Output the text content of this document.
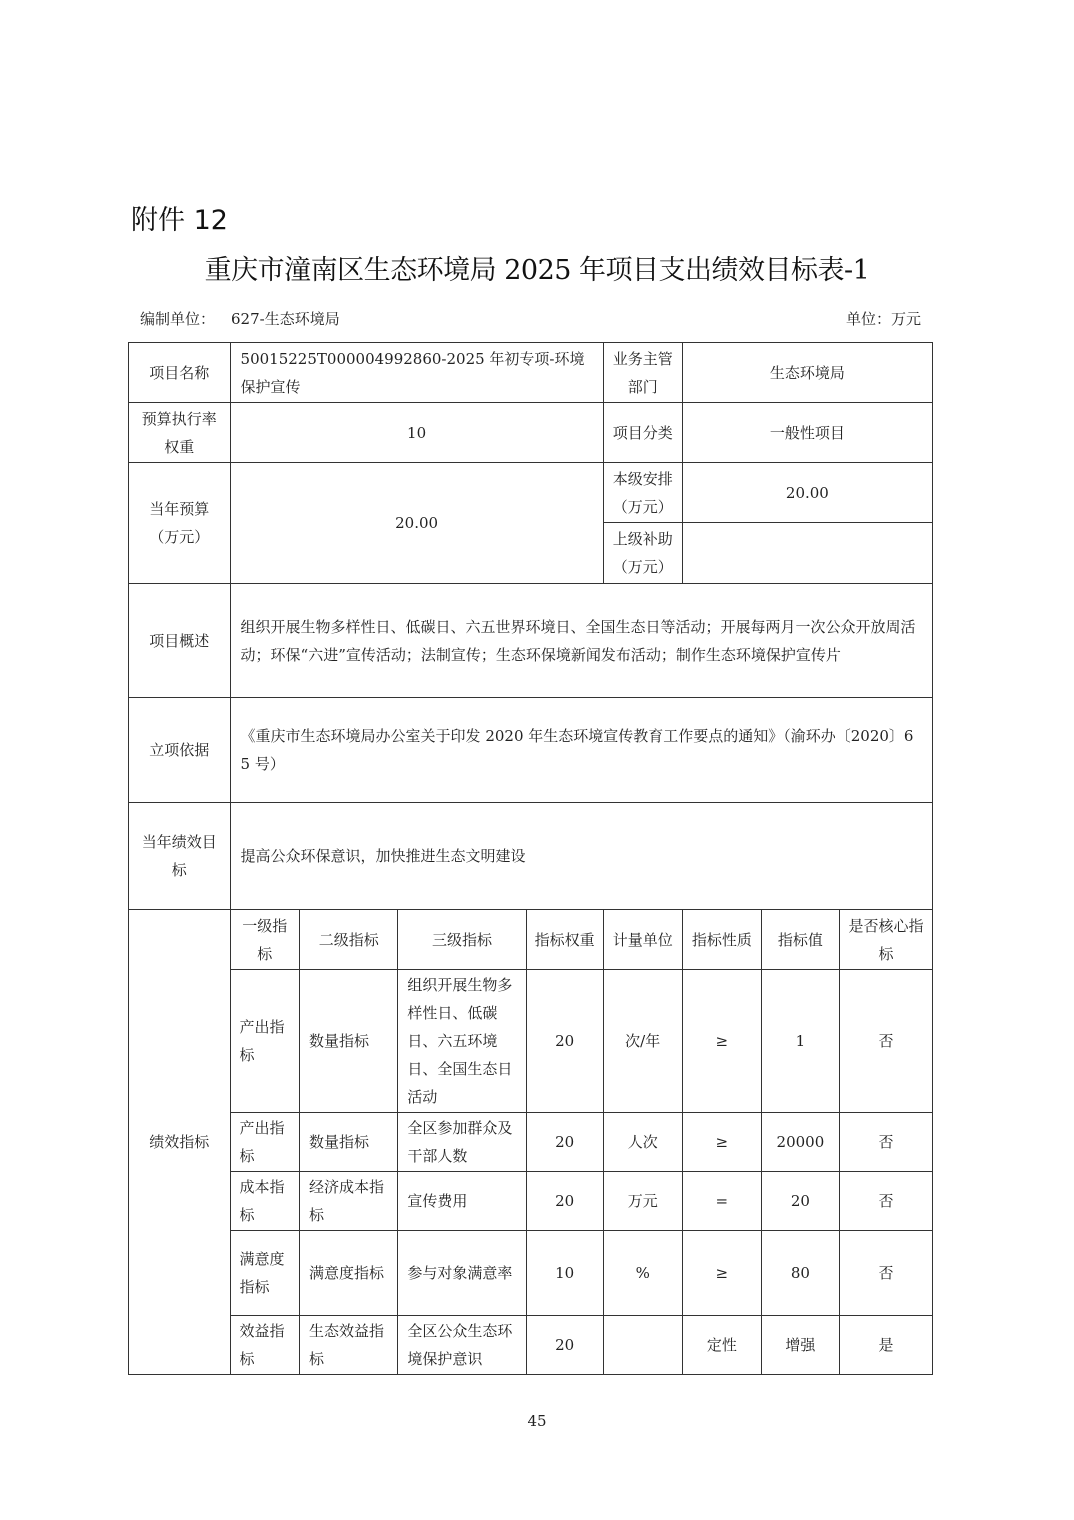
附件 12
重庆市潼南区生态环境局 2025 年项目支出绩效目标表-1
编制单位： 627-生态环境局	单位：万元
项目名称	50015225T000004992860-2025 年初专项-环境保护宣传				业务主管部门	生态环境局		
预算执行率权重	10				项目分类	一般性项目		
当年预算（万元）	20.00				本级安排（万元）	20.00		
					上级补助（万元）			
项目概述	组织开展生物多样性日、低碳日、六五世界环境日、全国生态日等活动；开展每两月一次公众开放周活动；环保“六进”宣传活动；法制宣传；生态环保境新闻发布活动；制作生态环境保护宣传片							
立项依据	《重庆市生态环境局办公室关于印发 2020 年生态环境宣传教育工作要点的通知》（渝环办〔2020〕65 号）							
当年绩效目标	提高公众环保意识，加快推进生态文明建设							
绩效指标	一级指标	二级指标	三级指标	指标权重	计量单位	指标性质	指标值	是否核心指标
	产出指标	数量指标	组织开展生物多样性日、低碳日、六五环境日、全国生态日活动	20	次/年	≥	1	否
	产出指标	数量指标	全区参加群众及干部人数	20	人次	≥	20000	否
	成本指标	经济成本指标	宣传费用	20	万元	=	20	否
	满意度指标	满意度指标	参与对象满意率	10	%	≥	80	否
	效益指标	生态效益指标	全区公众生态环境保护意识	20		定性	增强	是
45
